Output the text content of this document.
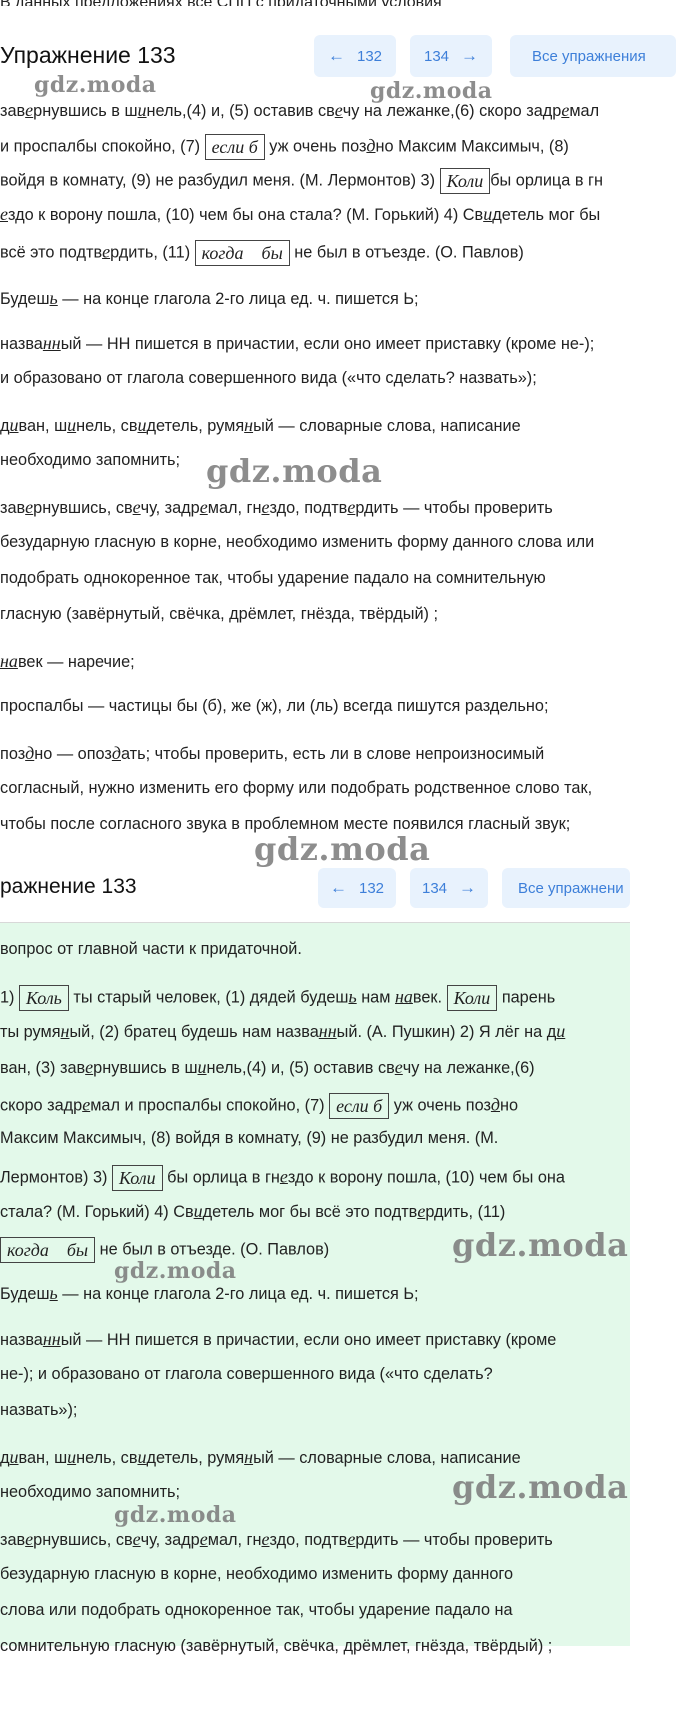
Упражнение 133	← 132	134 →	Все упражнения
gdz.moda	gdz.moda
завернувшись в шинель,(4) и, (5) оставив свечу на лежанке,(6) скоро задремал
и проспалбы спокойно, (7) если б уж очень поздно Максим Максимыч, (8)
войдя в комнату, (9) не разбудил меня. (М. Лермонтов) 3) Коли бы орлица в гн
ездо к ворону пошла, (10) чем бы она стала? (М. Горький) 4) Свидетель мог бы
всё это подтвердить, (11) когда    бы не был в отъезде. (О. Павлов)
Будешь — на конце глагола 2-го лица ед. ч. пишется Ь;
названный — НН пишется в причастии, если оно имеет приставку (кроме не-);
и образовано от глагола совершенного вида («что сделать? назвать»);
диван, шинель, свидетель, румяный — словарные слова, написание
необходимо запомнить; gdz.moda
завернувшись, свечу, задремал, гнездо, подтвердить — чтобы проверить
безударную гласную в корне, необходимо изменить форму данного слова или
подобрать однокоренное так, чтобы ударение падало на сомнительную
гласную (завёрнутый, свёчка, дрёмлет, гнёзда, твёрдый) ;
навек — наречие;
проспалбы — частицы бы (б), же (ж), ли (ль) всегда пишутся раздельно;
поздно — опоздать; чтобы проверить, есть ли в слове непроизносимый
согласный, нужно изменить его форму или подобрать родственное слово так,
чтобы после согласного звука в проблемном месте появился гласный звук;
gdz.moda
ражнение 133	← 132	134 →	Все упражнени
вопрос от главной части к придаточной.
1) Коль ты старый человек, (1) дядей будешь нам навек. Коли парень
ты румяный, (2) братец будешь нам названный. (А. Пушкин) 2) Я лёг на ди
ван, (3) завернувшись в шинель,(4) и, (5) оставив свечу на лежанке,(6)
скоро задремал и проспалбы спокойно, (7) если б уж очень поздно
Максим Максимыч, (8) войдя в комнату, (9) не разбудил меня. (М.
Лермонтов) 3) Коли бы орлица в гнездо к ворону пошла, (10) чем бы она
стала? (М. Горький) 4) Свидетель мог бы всё это подтвердить, (11)
когда    бы не был в отъезде. (О. Павлов)	gdz.moda
gdz.moda
Будешь — на конце глагола 2-го лица ед. ч. пишется Ь;
названный — НН пишется в причастии, если оно имеет приставку (кроме
не-); и образовано от глагола совершенного вида («что сделать?
назвать»);
диван, шинель, свидетель, румяный — словарные слова, написание
необходимо запомнить;	gdz.moda
gdz.moda
завернувшись, свечу, задремал, гнездо, подтвердить — чтобы проверить
безударную гласную в корне, необходимо изменить форму данного
слова или подобрать однокоренное так, чтобы ударение падало на
сомнительную гласную (завёрнутый, свёчка, дрёмлет, гнёзда, твёрдый) ;
